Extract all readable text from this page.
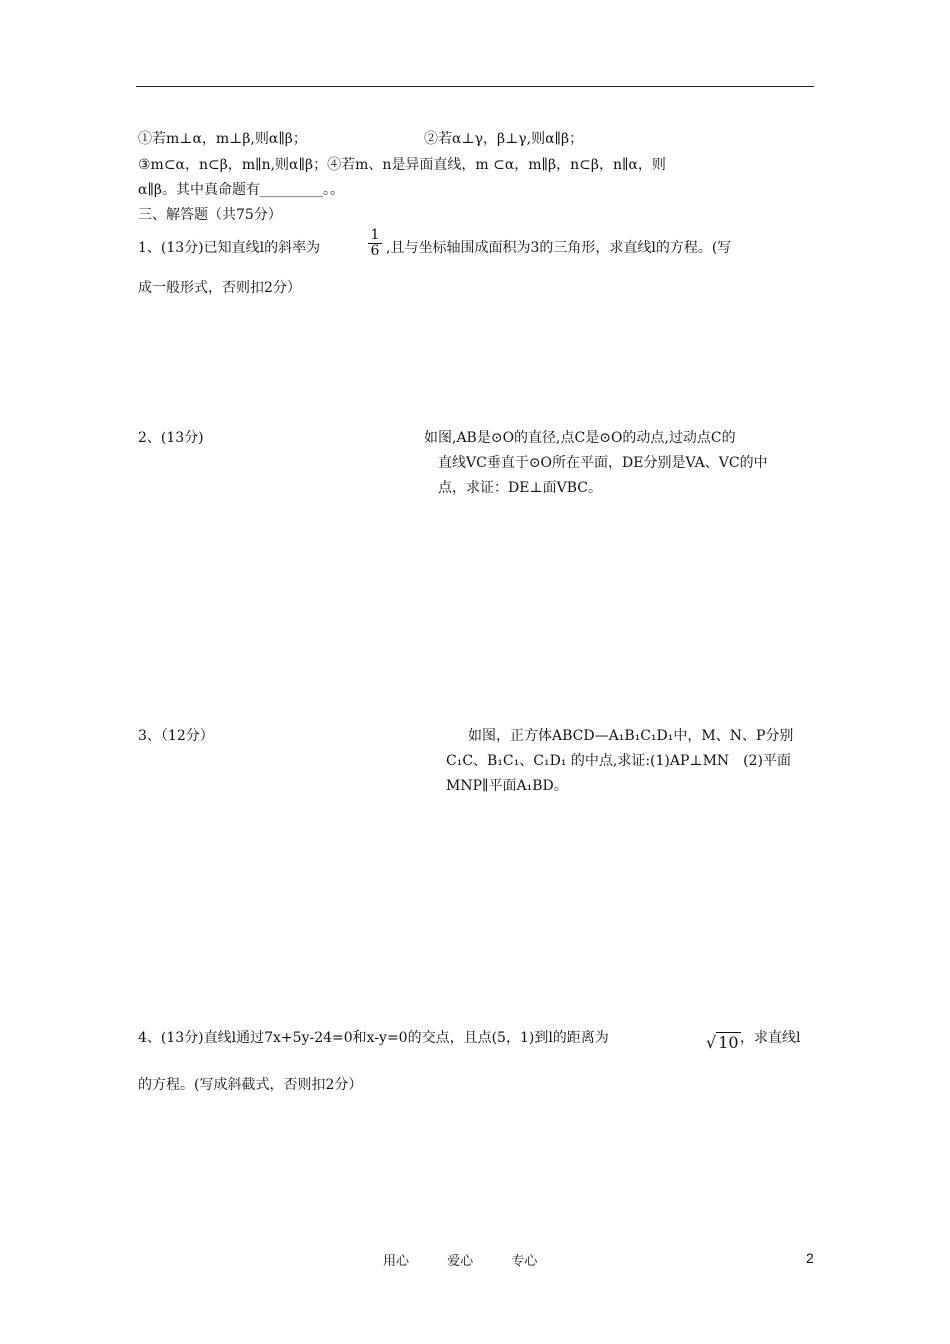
①若m⊥α，m⊥β,则α∥β；	②若α⊥γ，β⊥γ,则α∥β；
③m⊂α，n⊂β，m∥n,则α∥β；④若m、n是异面直线，m ⊂α，m∥β，n⊂β，n∥α，则
α∥β。其中真命题有_________。。
三、解答题（共75分）
1、(13分)已知直线l的斜率为	$\frac{1}{6}$ ,且与坐标轴围成面积为3的三角形，求直线l的方程。(写
成一般形式，否则扣2分）
2、(13分)	如图,AB是⊙O的直径,点C是⊙O的动点,过动点C的
直线VC垂直于⊙O所在平面，DE分别是VA、VC的中
点，求证：DE⊥面VBC。
3、（12分）	如图，正方体ABCD—A₁B₁C₁D₁中，M、N、P分别
C₁C、B₁C₁、C₁D₁ 的中点,求证:(1)AP⊥MN　(2)平面
MNP∥平面A₁BD。
4、(13分)直线l通过7x+5y-24=0和x-y=0的交点，且点(5，1)到l的距离为	√ 10 ，求直线l
的方程。(写成斜截式，否则扣2分）
用心	爱心	专心	2
